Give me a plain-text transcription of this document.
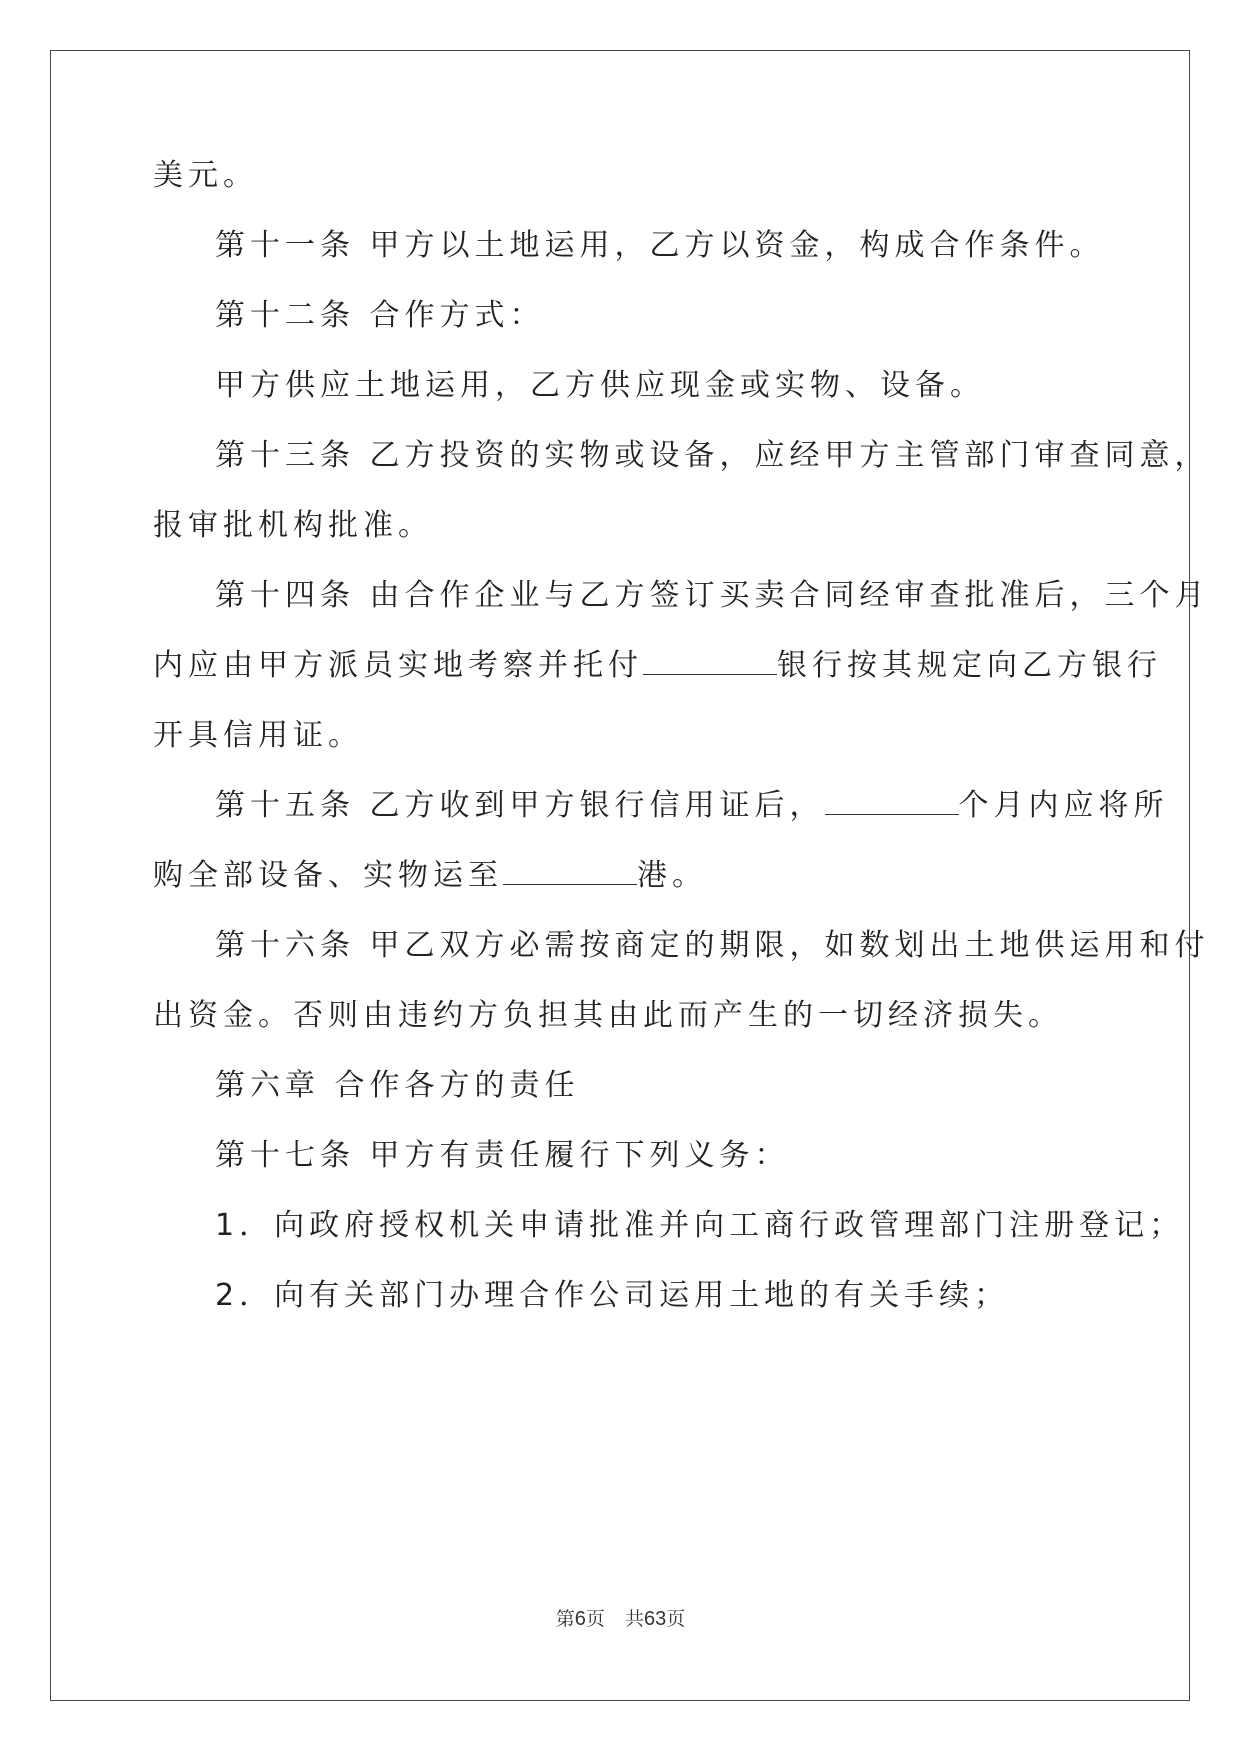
美元。

第十一条 甲方以土地运用，乙方以资金，构成合作条件。

第十二条 合作方式：

甲方供应土地运用，乙方供应现金或实物、设备。

第十三条 乙方投资的实物或设备，应经甲方主管部门审查同意，

报审批机构批准。

第十四条 由合作企业与乙方签订买卖合同经审查批准后，三个月

内应由甲方派员实地考察并托付	银行按其规定向乙方银行

开具信用证。

第十五条 乙方收到甲方银行信用证后，	个月内应将所

购全部设备、实物运至	港。

第十六条 甲乙双方必需按商定的期限，如数划出土地供运用和付

出资金。否则由违约方负担其由此而产生的一切经济损失。

第六章 合作各方的责任

第十七条 甲方有责任履行下列义务：

1．向政府授权机关申请批准并向工商行政管理部门注册登记；

2．向有关部门办理合作公司运用土地的有关手续；

第6页 共63页
